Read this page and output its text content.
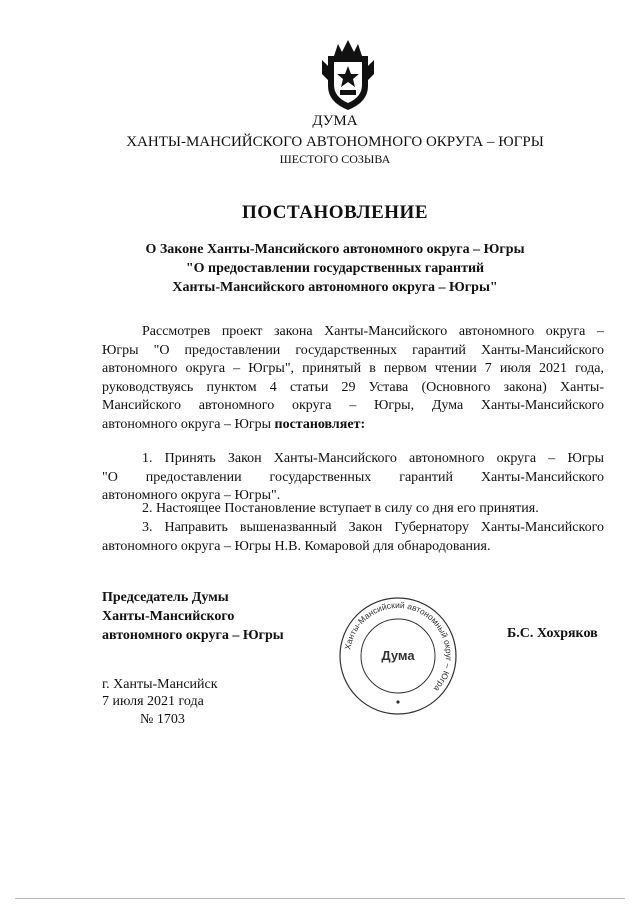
ДУМА
ХАНТЫ-МАНСИЙСКОГО АВТОНОМНОГО ОКРУГА – ЮГРЫ
ШЕСТОГО СОЗЫВА
ПОСТАНОВЛЕНИЕ
О Законе Ханты-Мансийского автономного округа – Югры
"О предоставлении государственных гарантий
Ханты-Мансийского автономного округа – Югры"
Рассмотрев проект закона Ханты-Мансийского автономного округа –
Югры "О предоставлении государственных гарантий Ханты-Мансийского
автономного округа – Югры", принятый в первом чтении 7 июля 2021 года,
руководствуясь пунктом 4 статьи 29 Устава (Основного закона) Ханты-
Мансийского автономного округа – Югры, Дума Ханты-Мансийского
автономного округа – Югры постановляет:
1. Принять Закон Ханты-Мансийского автономного округа – Югры
"О предоставлении государственных гарантий Ханты-Мансийского
автономного округа – Югры".
2. Настоящее Постановление вступает в силу со дня его принятия.
3. Направить вышеназванный Закон Губернатору Ханты-Мансийского
автономного округа – Югры Н.В. Комаровой для обнародования.
Председатель Думы
Ханты-Мансийского
автономного округа – Югры	Б.С. Хохряков
Ханты-Мансийский автономный округ – Югра
Дума
г. Ханты-Мансийск
7 июля 2021 года
№ 1703
